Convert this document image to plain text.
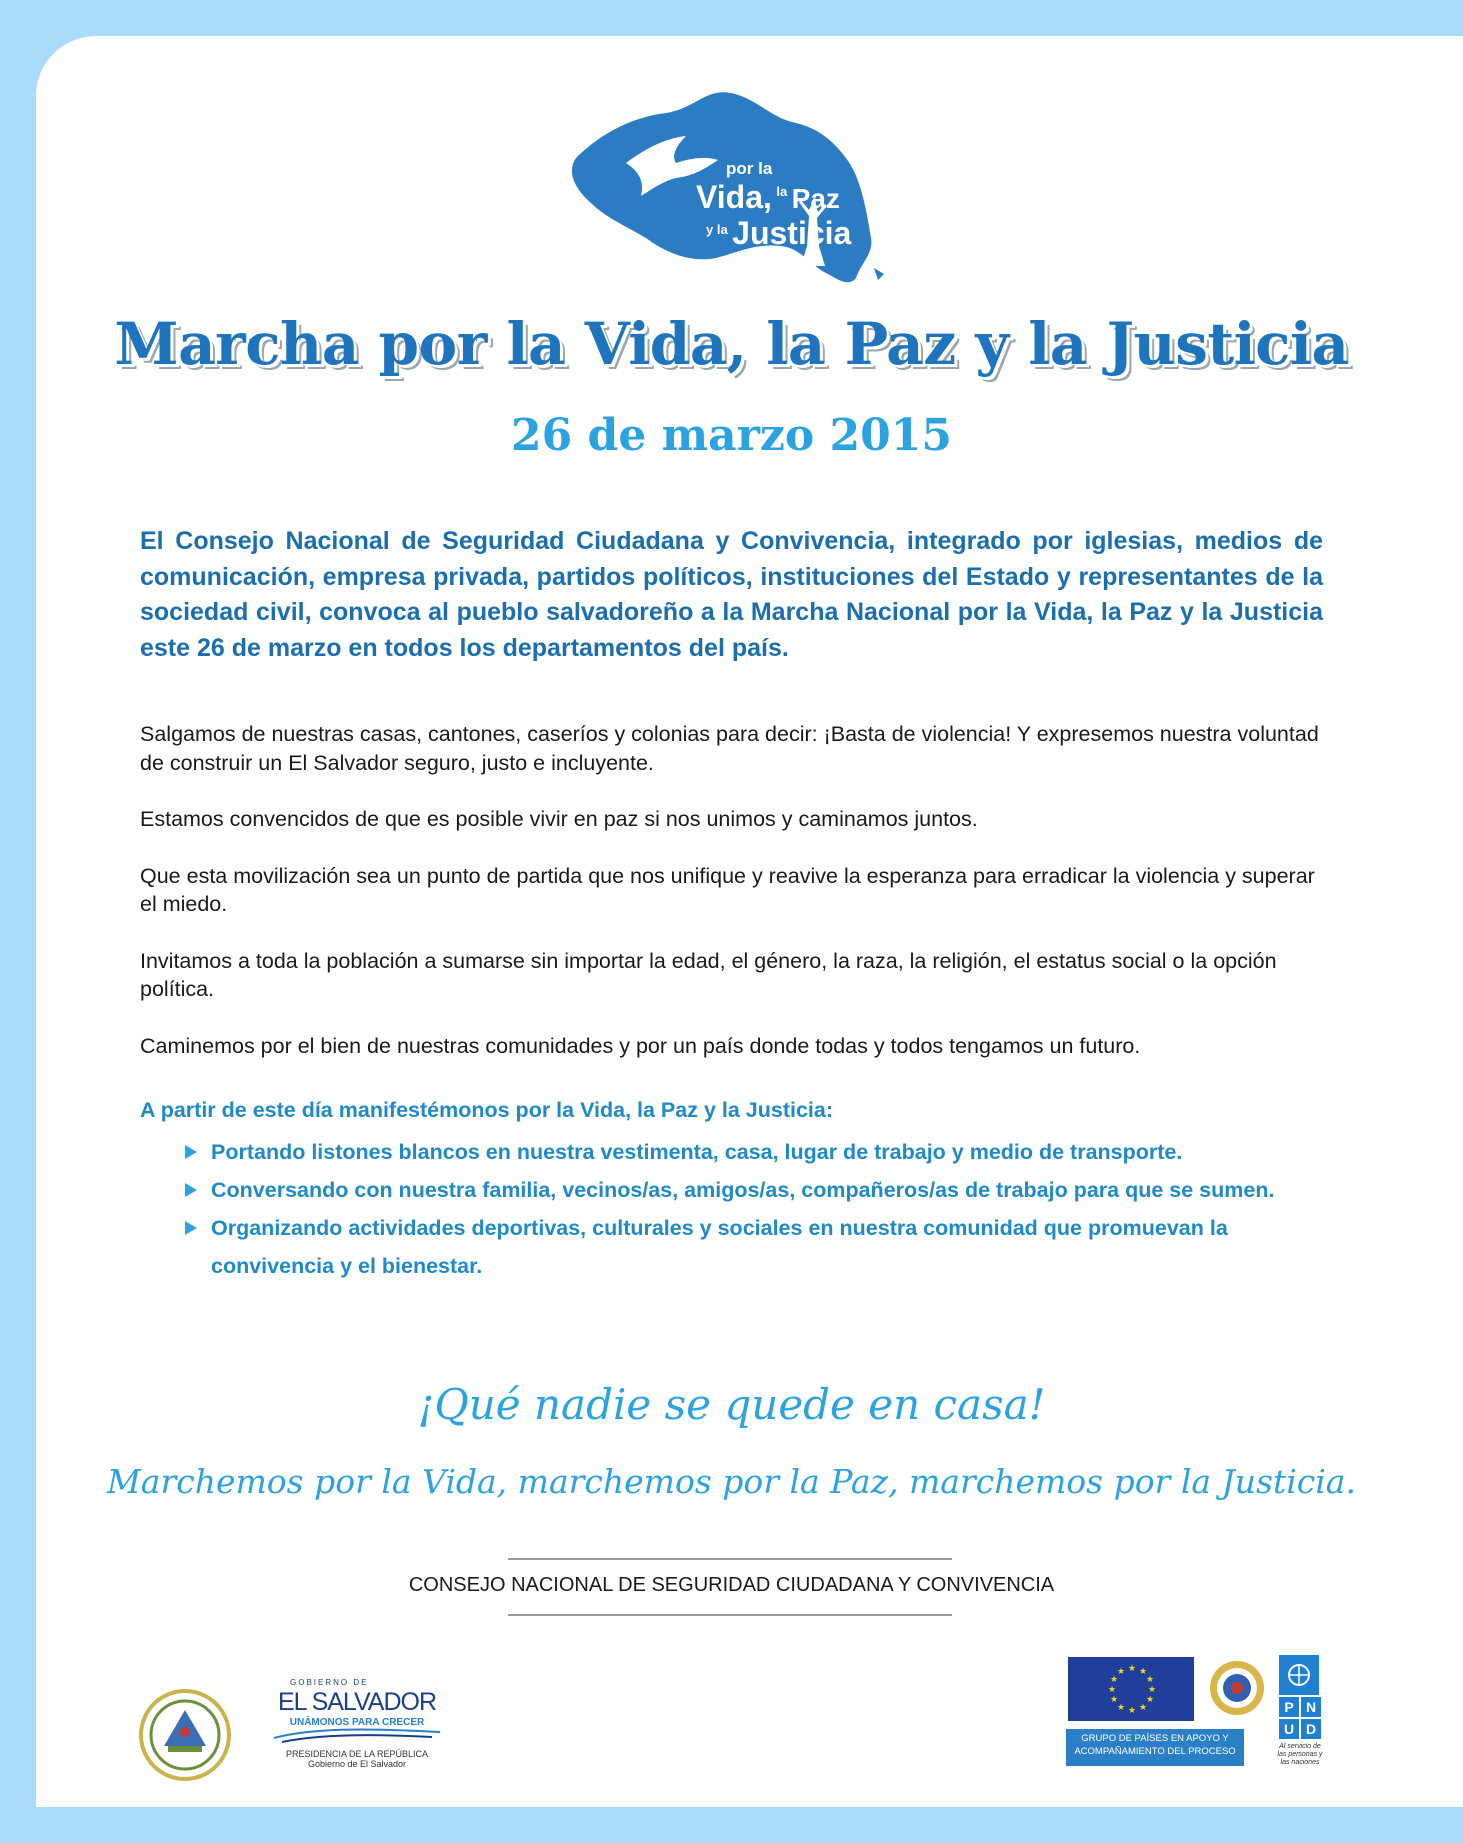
por la
Vida, $^{la}$ Paz
$^{y la}$ Justicia
Marcha por la Vida, la Paz y la Justicia
26 de marzo 2015
El Consejo Nacional de Seguridad Ciudadana y Convivencia, integrado por iglesias, medios de comunicación, empresa privada, partidos políticos, instituciones del Estado y representantes de la sociedad civil, convoca al pueblo salvadoreño a la Marcha Nacional por la Vida, la Paz y la Justicia este 26 de marzo en todos los departamentos del país.

Salgamos de nuestras casas, cantones, caseríos y colonias para decir: ¡Basta de violencia! Y expresemos nuestra voluntad de construir un El Salvador seguro, justo e incluyente.

Estamos convencidos de que es posible vivir en paz si nos unimos y caminamos juntos.

Que esta movilización sea un punto de partida que nos unifique y reavive la esperanza para erradicar la violencia y superar el miedo.

Invitamos a toda la población a sumarse sin importar la edad, el género, la raza, la religión, el estatus social o la opción política.

Caminemos por el bien de nuestras comunidades y por un país donde todas y todos tengamos un futuro.

A partir de este día manifestémonos por la Vida, la Paz y la Justicia:
Portando listones blancos en nuestra vestimenta, casa, lugar de trabajo y medio de transporte.
Conversando con nuestra familia, vecinos/as, amigos/as, compañeros/as de trabajo para que se sumen.
Organizando actividades deportivas, culturales y sociales en nuestra comunidad que promuevan la convivencia y el bienestar.
¡Qué nadie se quede en casa!
Marchemos por la Vida, marchemos por la Paz, marchemos por la Justicia.
CONSEJO NACIONAL DE SEGURIDAD CIUDADANA Y CONVIVENCIA
GOBIERNO DE
EL SALVADOR
UNÁMONOS PARA CRECER
PRESIDENCIA DE LA REPÚBLICA
Gobierno de El Salvador
★ ★
★
★
★
★
★
★
★
★
★
★
GRUPO DE PAÍSES EN APOYO Y ACOMPAÑAMIENTO DEL PROCESO
P N
U D
Al servicio de las personas y las naciones
